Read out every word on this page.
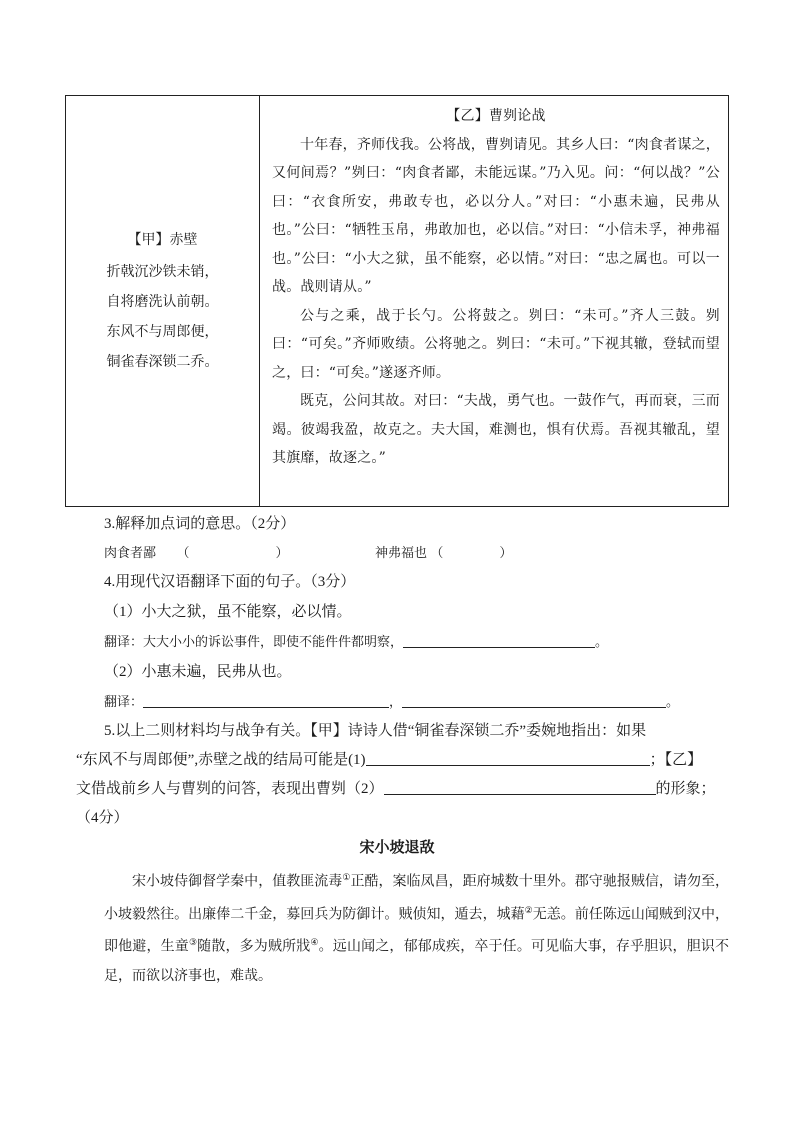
【甲】赤壁
折戟沉沙铁未销，
自将磨洗认前朝。
东风不与周郎便，
铜雀春深锁二乔。
【乙】曹刿论战

十年春，齐师伐我。公将战，曹刿请见。其乡人曰：“肉食者谋之，又何间焉？”刿曰：“肉食者鄙，未能远谋。”乃入见。问：“何以战？”公曰：“衣食所安，弗敢专也，必以分人。”对曰：“小惠未遍，民弗从也。”公曰：“牺牲玉帛，弗敢加也，必以信。”对曰：“小信未孚，神弗福也。”公曰：“小大之狱，虽不能察，必以情。”对曰：“忠之属也。可以一战。战则请从。”

公与之乘，战于长勺。公将鼓之。刿曰：“未可。”齐人三鼓。刿曰：“可矣。”齐师败绩。公将驰之。刿曰：“未可。”下视其辙，登轼而望之，曰：“可矣。”遂逐齐师。

既克，公问其故。对曰：“夫战，勇气也。一鼓作气，再而衰，三而竭。彼竭我盈，故克之。夫大国，难测也，惧有伏焉。吾视其辙乱，望其旗靡，故逐之。”

3.解释加点词的意思。（2分）
肉食者鄙 （	）	神弗福也 （	）
4.用现代汉语翻译下面的句子。（3分）
（1）小大之狱，虽不能察，必以情。
翻译：大大小小的诉讼事件，即使不能件件都明察，	。
（2）小惠未遍，民弗从也。
翻译：	，	。
5.以上二则材料均与战争有关。【甲】诗诗人借“铜雀春深锁二乔”委婉地指出：如果
“东风不与周郎便”,赤壁之战的结局可能是(1)	；【乙】
文借战前乡人与曹刿的问答，表现出曹刿（2）	的形象；
（4分）
宋小坡退敌

宋小坡侍御督学秦中，值教匪流毒①正酷，案临凤昌，距府城数十里外。郡守驰报贼信，请勿至，小坡毅然往。出廉俸二千金，募回兵为防御计。贼侦知，遁去，城藉②无恙。前任陈远山闻贼到汉中，即他避，生童③随散，多为贼所戕④。远山闻之，郁郁成疾，卒于任。可见临大事，存乎胆识，胆识不足，而欲以济事也，难哉。
